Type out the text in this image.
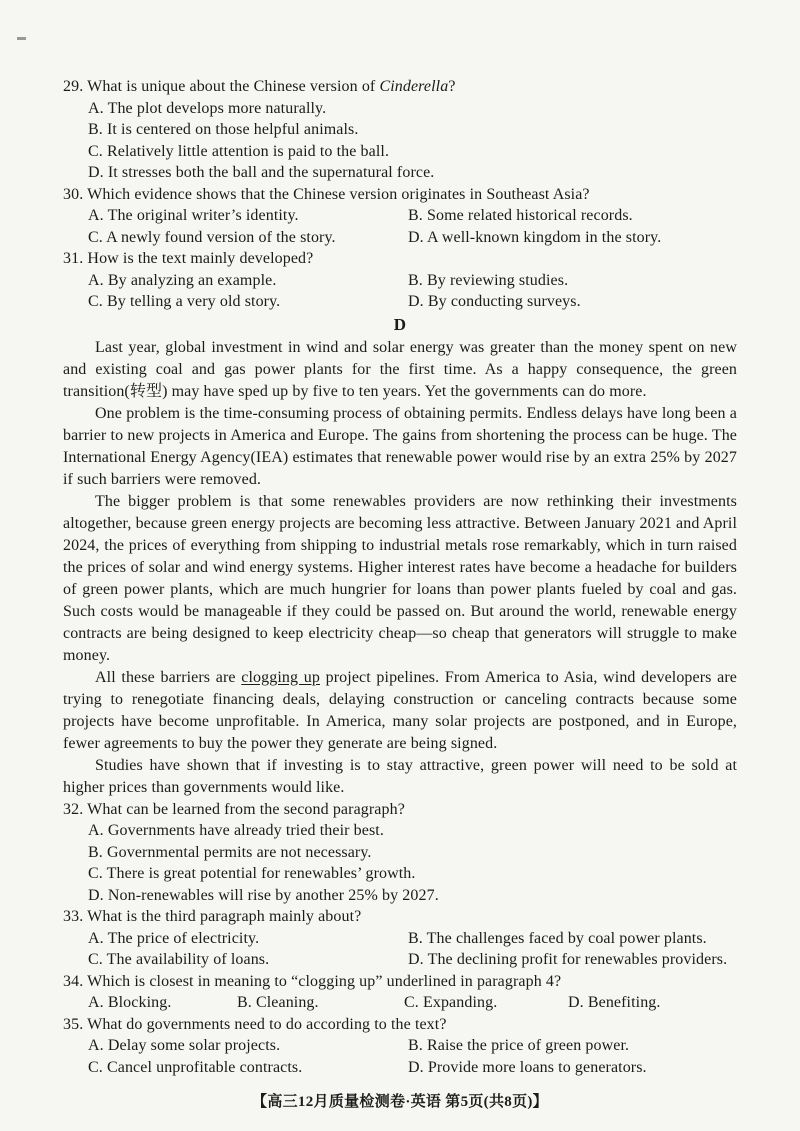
29. What is unique about the Chinese version of Cinderella?
A. The plot develops more naturally.
B. It is centered on those helpful animals.
C. Relatively little attention is paid to the ball.
D. It stresses both the ball and the supernatural force.
30. Which evidence shows that the Chinese version originates in Southeast Asia?
A. The original writer’s identity.	B. Some related historical records.
C. A newly found version of the story.	D. A well-known kingdom in the story.
31. How is the text mainly developed?
A. By analyzing an example.	B. By reviewing studies.
C. By telling a very old story.	D. By conducting surveys.
D

Last year, global investment in wind and solar energy was greater than the money spent on new and existing coal and gas power plants for the first time. As a happy consequence, the green transition(转型) may have sped up by five to ten years. Yet the governments can do more.

One problem is the time-consuming process of obtaining permits. Endless delays have long been a barrier to new projects in America and Europe. The gains from shortening the process can be huge. The International Energy Agency(IEA) estimates that renewable power would rise by an extra 25% by 2027 if such barriers were removed.

The bigger problem is that some renewables providers are now rethinking their investments altogether, because green energy projects are becoming less attractive. Between January 2021 and April 2024, the prices of everything from shipping to industrial metals rose remarkably, which in turn raised the prices of solar and wind energy systems. Higher interest rates have become a headache for builders of green power plants, which are much hungrier for loans than power plants fueled by coal and gas. Such costs would be manageable if they could be passed on. But around the world, renewable energy contracts are being designed to keep electricity cheap—so cheap that generators will struggle to make money.

All these barriers are clogging up project pipelines. From America to Asia, wind developers are trying to renegotiate financing deals, delaying construction or canceling contracts because some projects have become unprofitable. In America, many solar projects are postponed, and in Europe, fewer agreements to buy the power they generate are being signed.

Studies have shown that if investing is to stay attractive, green power will need to be sold at higher prices than governments would like.

32. What can be learned from the second paragraph?
A. Governments have already tried their best.
B. Governmental permits are not necessary.
C. There is great potential for renewables’ growth.
D. Non-renewables will rise by another 25% by 2027.
33. What is the third paragraph mainly about?
A. The price of electricity.	B. The challenges faced by coal power plants.
C. The availability of loans.	D. The declining profit for renewables providers.
34. Which is closest in meaning to “clogging up” underlined in paragraph 4?
A. Blocking.	B. Cleaning.	C. Expanding.	D. Benefiting.
35. What do governments need to do according to the text?
A. Delay some solar projects.	B. Raise the price of green power.
C. Cancel unprofitable contracts.	D. Provide more loans to generators.
【高三12月质量检测卷·英语 第5页(共8页)】
